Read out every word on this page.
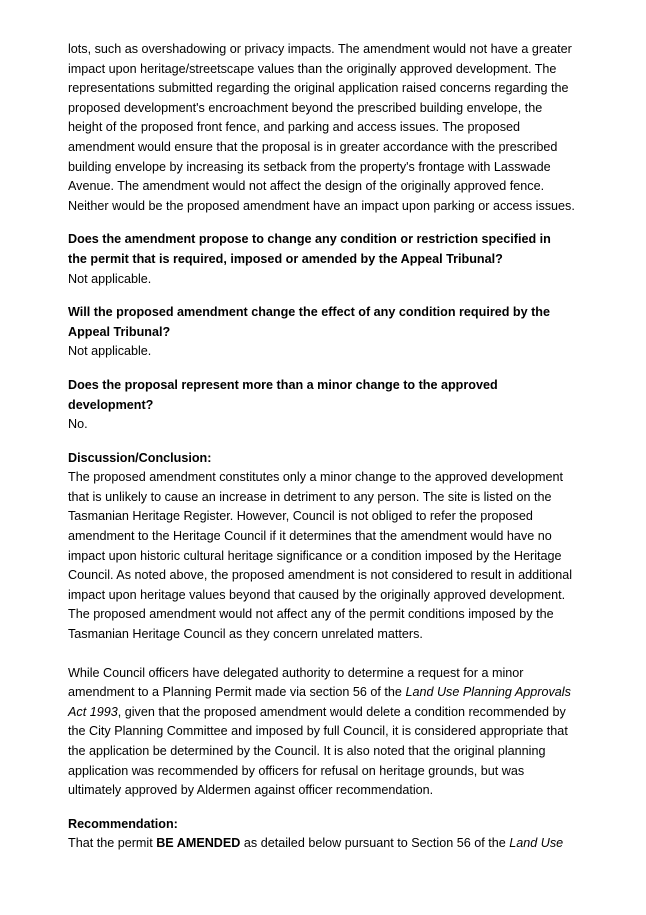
lots, such as overshadowing or privacy impacts. The amendment would not have a greater
impact upon heritage/streetscape values than the originally approved development. The
representations submitted regarding the original application raised concerns regarding the
proposed development's encroachment beyond the prescribed building envelope, the
height of the proposed front fence, and parking and access issues. The proposed
amendment would ensure that the proposal is in greater accordance with the prescribed
building envelope by increasing its setback from the property's frontage with Lasswade
Avenue. The amendment would not affect the design of the originally approved fence.
Neither would be the proposed amendment have an impact upon parking or access issues.

Does the amendment propose to change any condition or restriction specified in
the permit that is required, imposed or amended by the Appeal Tribunal?

Not applicable.

Will the proposed amendment change the effect of any condition required by the
Appeal Tribunal?

Not applicable.

Does the proposal represent more than a minor change to the approved
development?

No.

Discussion/Conclusion:

The proposed amendment constitutes only a minor change to the approved development
that is unlikely to cause an increase in detriment to any person. The site is listed on the
Tasmanian Heritage Register. However, Council is not obliged to refer the proposed
amendment to the Heritage Council if it determines that the amendment would have no
impact upon historic cultural heritage significance or a condition imposed by the Heritage
Council. As noted above, the proposed amendment is not considered to result in additional
impact upon heritage values beyond that caused by the originally approved development.
The proposed amendment would not affect any of the permit conditions imposed by the
Tasmanian Heritage Council as they concern unrelated matters.

While Council officers have delegated authority to determine a request for a minor
amendment to a Planning Permit made via section 56 of the Land Use Planning Approvals
Act 1993, given that the proposed amendment would delete a condition recommended by
the City Planning Committee and imposed by full Council, it is considered appropriate that
the application be determined by the Council. It is also noted that the original planning
application was recommended by officers for refusal on heritage grounds, but was
ultimately approved by Aldermen against officer recommendation.

Recommendation:

That the permit BE AMENDED as detailed below pursuant to Section 56 of the Land Use
